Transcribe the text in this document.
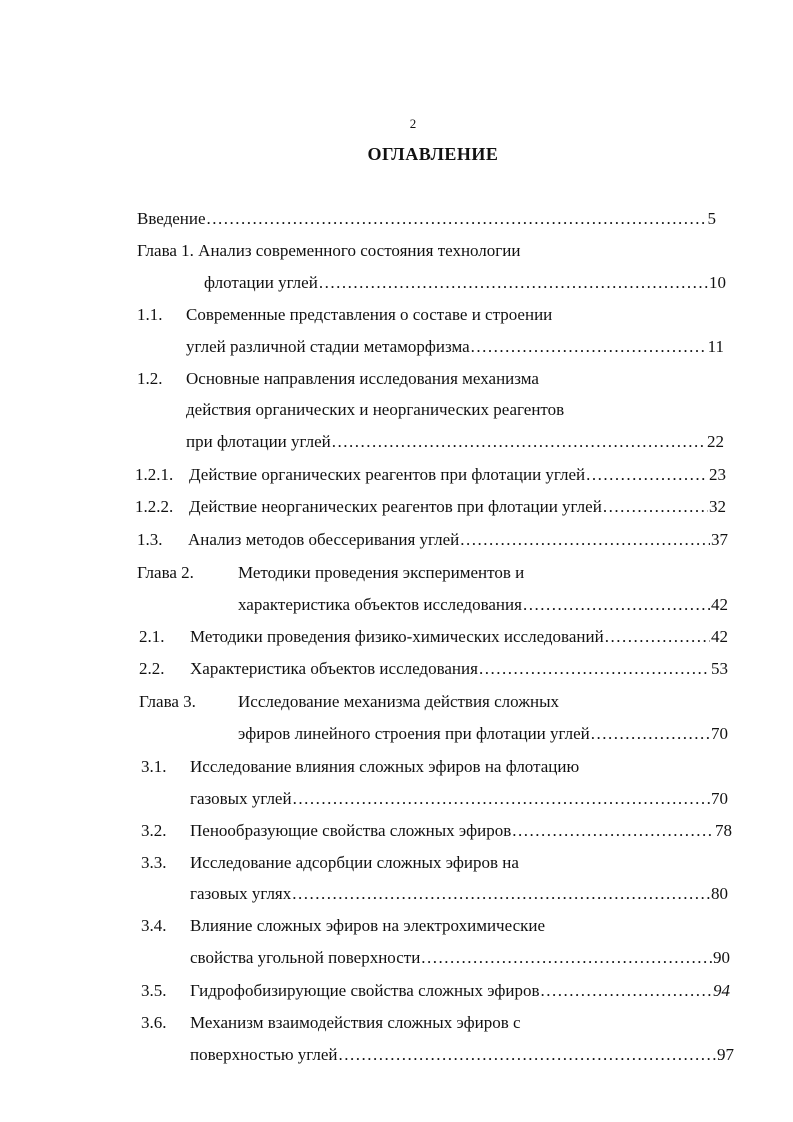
2
ОГЛАВЛЕНИЕ
Введение .....	5
Глава 1. Анализ современного состояния технологии
флотации углей .....	10
1.1. Современные представления о составе и строении
углей различной стадии метаморфизма .....	11
1.2. Основные направления исследования механизма
действия органических и неорганических реагентов
при флотации углей .....	22
1.2.1. Действие органических реагентов при флотации углей .....	23
1.2.2. Действие неорганических реагентов при флотации углей .....	32
1.3. Анализ методов обессеривания углей .....	37
Глава 2.	Методики проведения экспериментов и
характеристика объектов исследования .....	42
2.1. Методики проведения физико-химических исследований .....	42
2.2. Характеристика объектов исследования .....	53
Глава 3. Исследование механизма действия сложных
эфиров линейного строения при флотации углей .....	70
3.1. Исследование влияния сложных эфиров на флотацию
газовых углей .....	70
3.2. Пенообразующие свойства сложных эфиров .....	78
3.3. Исследование адсорбции сложных эфиров на
газовых углях .....	80
3.4. Влияние сложных эфиров на электрохимические
свойства угольной поверхности .....	90
3.5. Гидрофобизирующие свойства сложных эфиров .....	94
3.6. Механизм взаимодействия сложных эфиров с
поверхностью углей .....	97
